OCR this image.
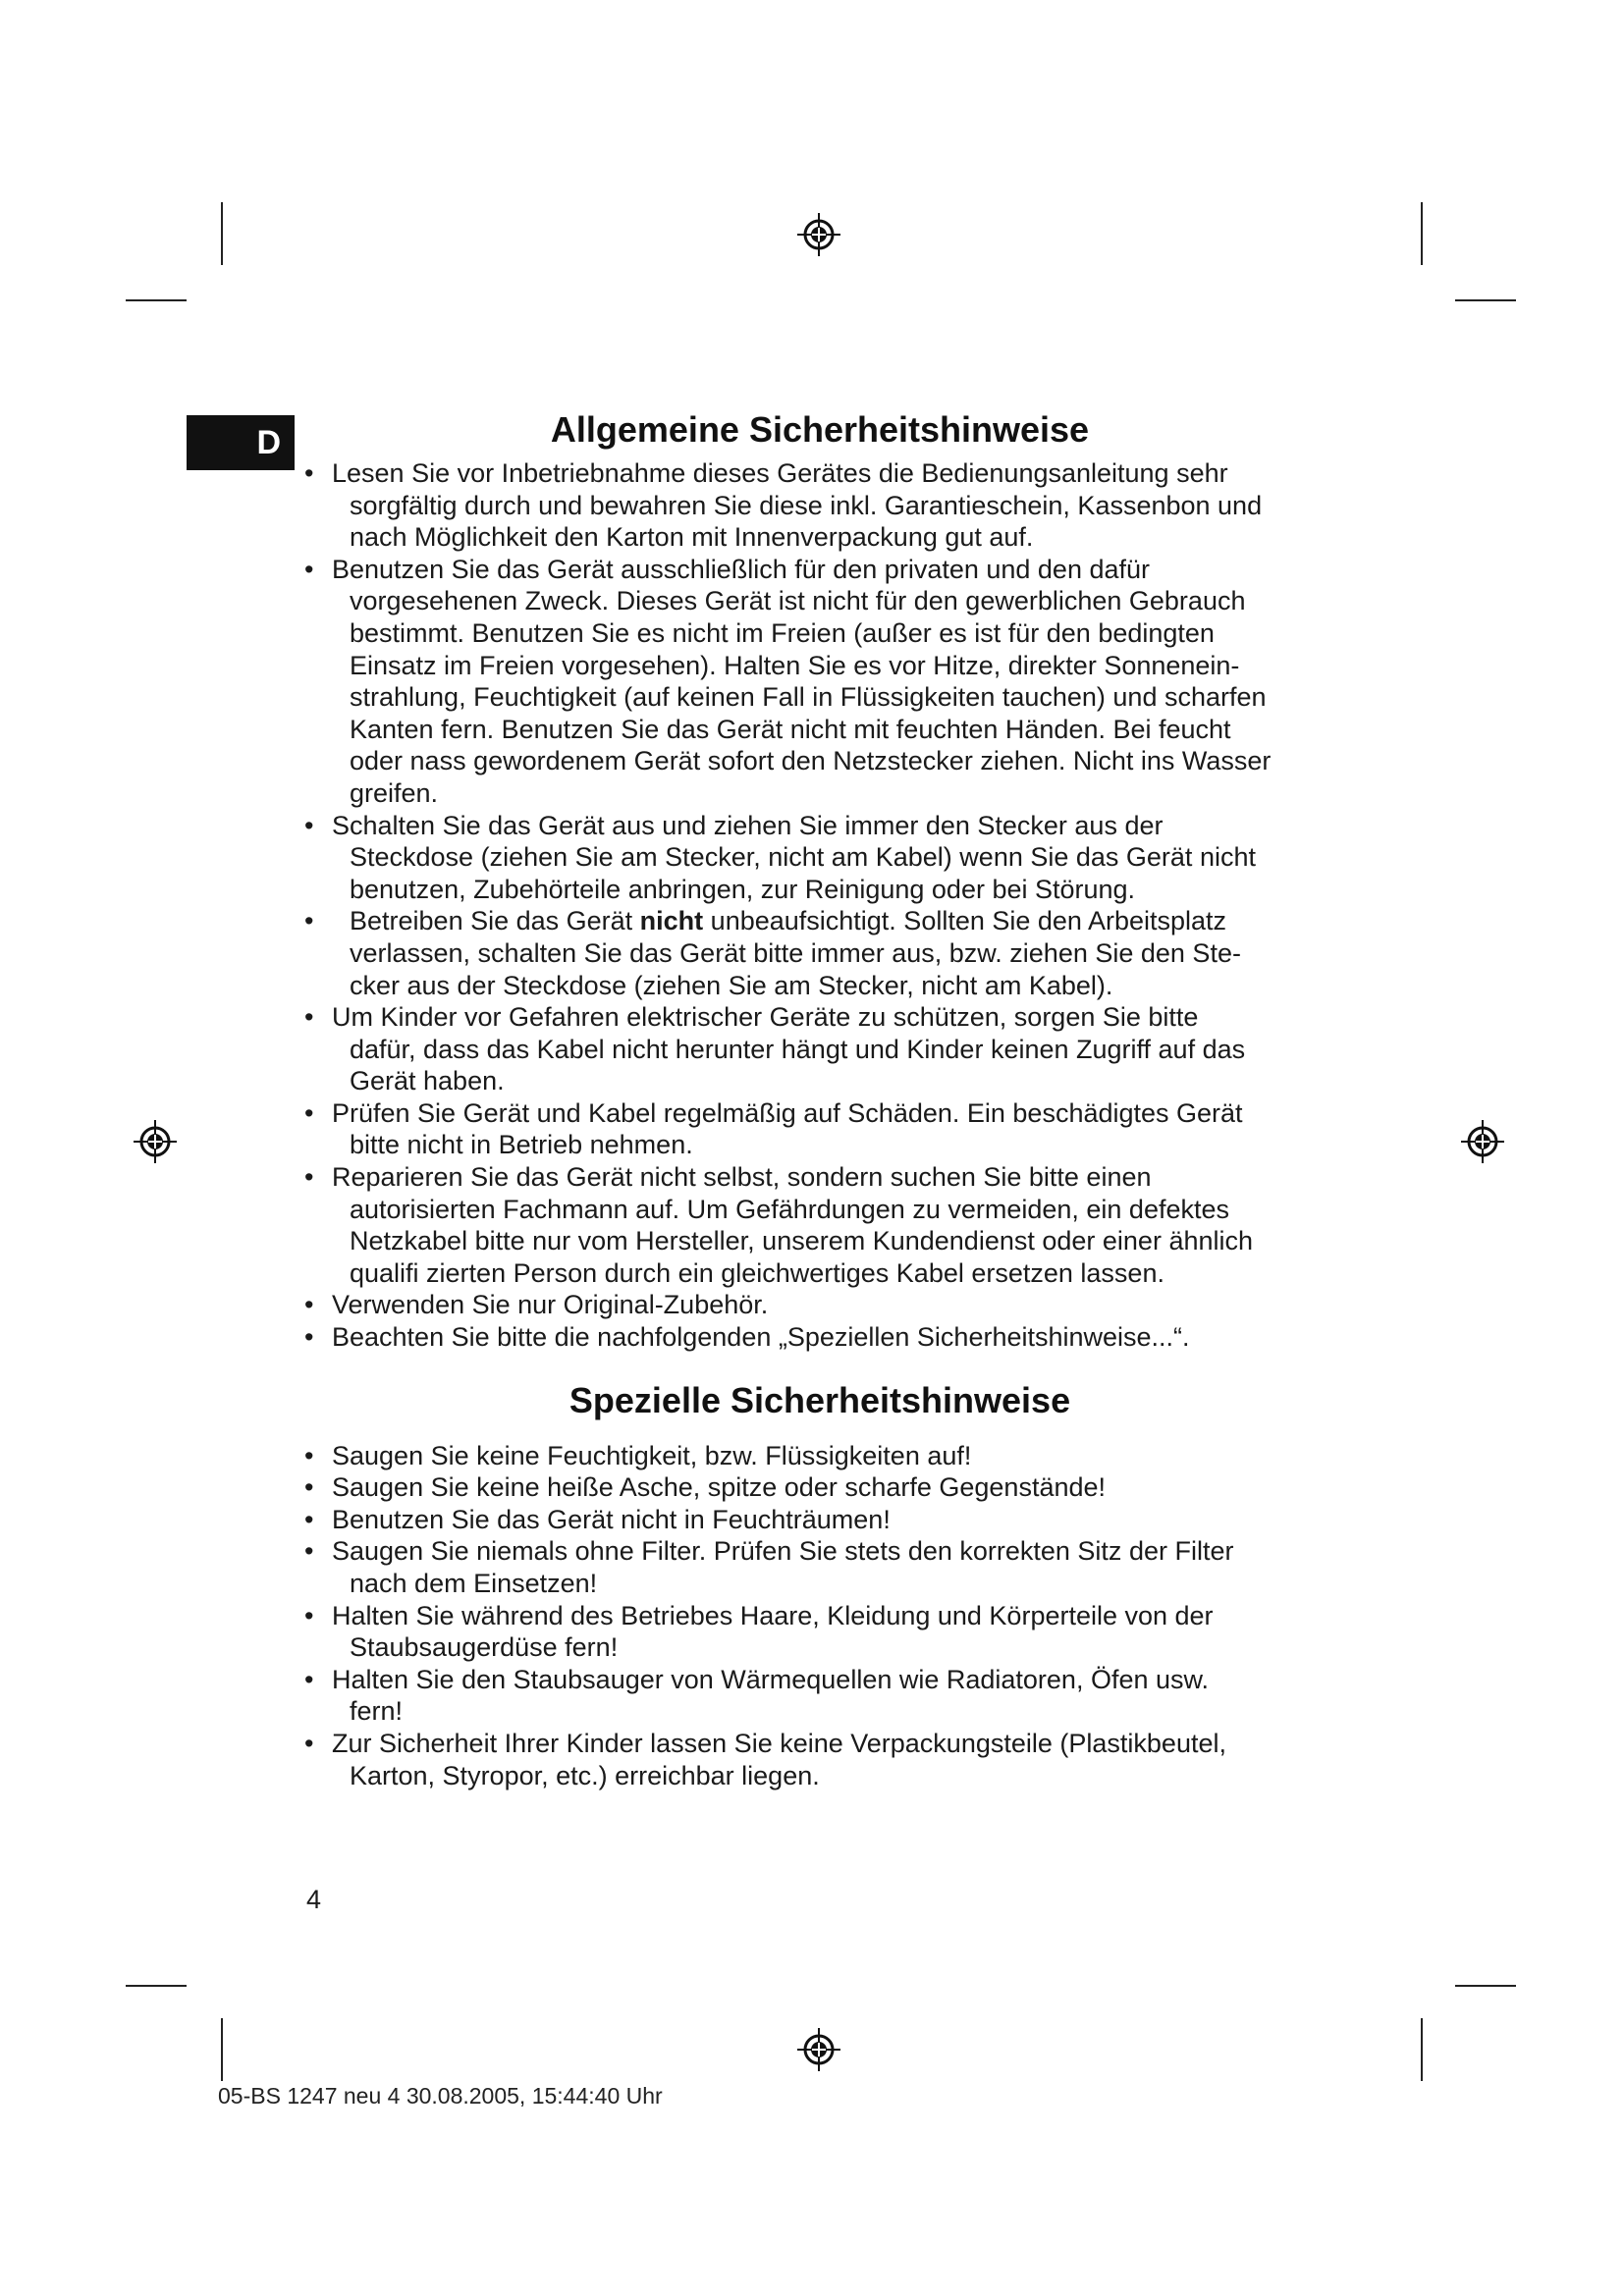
D	Allgemeine Sicherheitshinweise
• Lesen Sie vor Inbetriebnahme dieses Gerätes die Bedienungsanleitung sehr
sorgfältig durch und bewahren Sie diese inkl. Garantieschein, Kassenbon und
nach Möglichkeit den Karton mit Innenverpackung gut auf.
• Benutzen Sie das Gerät ausschließlich für den privaten und den dafür
vorgesehenen Zweck. Dieses Gerät ist nicht für den gewerblichen Gebrauch
bestimmt. Benutzen Sie es nicht im Freien (außer es ist für den bedingten
Einsatz im Freien vorgesehen). Halten Sie es vor Hitze, direkter Sonnenein-
strahlung, Feuchtigkeit (auf keinen Fall in Flüssigkeiten tauchen) und scharfen
Kanten fern. Benutzen Sie das Gerät nicht mit feuchten Händen. Bei feucht
oder nass gewordenem Gerät sofort den Netzstecker ziehen. Nicht ins Wasser
greifen.
• Schalten Sie das Gerät aus und ziehen Sie immer den Stecker aus der
Steckdose (ziehen Sie am Stecker, nicht am Kabel) wenn Sie das Gerät nicht
benutzen, Zubehörteile anbringen, zur Reinigung oder bei Störung.
• Betreiben Sie das Gerät nicht unbeaufsichtigt. Sollten Sie den Arbeitsplatz
verlassen, schalten Sie das Gerät bitte immer aus, bzw. ziehen Sie den Ste-
cker aus der Steckdose (ziehen Sie am Stecker, nicht am Kabel).
• Um Kinder vor Gefahren elektrischer Geräte zu schützen, sorgen Sie bitte
dafür, dass das Kabel nicht herunter hängt und Kinder keinen Zugriff auf das
Gerät haben.
• Prüfen Sie Gerät und Kabel regelmäßig auf Schäden. Ein beschädigtes Gerät
bitte nicht in Betrieb nehmen.
• Reparieren Sie das Gerät nicht selbst, sondern suchen Sie bitte einen
autorisierten Fachmann auf. Um Gefährdungen zu vermeiden, ein defektes
Netzkabel bitte nur vom Hersteller, unserem Kundendienst oder einer ähnlich
qualifi zierten Person durch ein gleichwertiges Kabel ersetzen lassen.
• Verwenden Sie nur Original-Zubehör.
• Beachten Sie bitte die nachfolgenden „Speziellen Sicherheitshinweise...“.
Spezielle Sicherheitshinweise
• Saugen Sie keine Feuchtigkeit, bzw. Flüssigkeiten auf!
• Saugen Sie keine heiße Asche, spitze oder scharfe Gegenstände!
• Benutzen Sie das Gerät nicht in Feuchträumen!
• Saugen Sie niemals ohne Filter. Prüfen Sie stets den korrekten Sitz der Filter
nach dem Einsetzen!
• Halten Sie während des Betriebes Haare, Kleidung und Körperteile von der
Staubsaugerdüse fern!
• Halten Sie den Staubsauger von Wärmequellen wie Radiatoren, Öfen usw.
fern!
• Zur Sicherheit Ihrer Kinder lassen Sie keine Verpackungsteile (Plastikbeutel,
Karton, Styropor, etc.) erreichbar liegen.
4
05-BS 1247 neu 4 30.08.2005, 15:44:40 Uhr
